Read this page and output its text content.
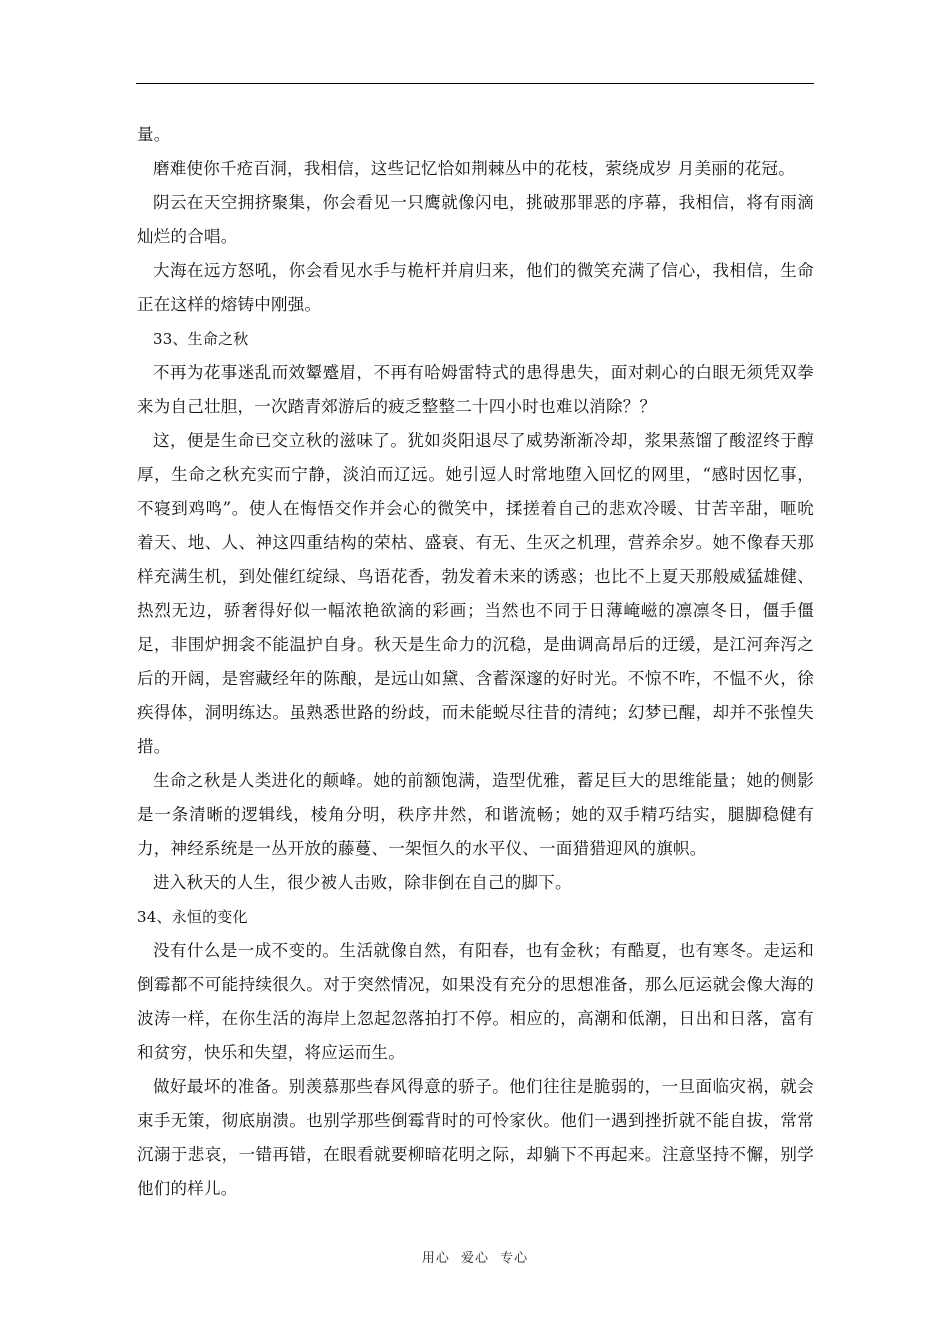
量。

磨难使你千疮百洞，我相信，这些记忆恰如荆棘丛中的花枝，萦绕成岁 月美丽的花冠。

阴云在天空拥挤聚集，你会看见一只鹰就像闪电，挑破那罪恶的序幕，我相信，将有雨滴灿烂的合唱。

大海在远方怒吼，你会看见水手与桅杆并肩归来，他们的微笑充满了信心，我相信，生命正在这样的熔铸中刚强。

33、生命之秋

不再为花事迷乱而效颦蹙眉，不再有哈姆雷特式的患得患失，面对刺心的白眼无须凭双拳来为自己壮胆，一次踏青郊游后的疲乏整整二十四小时也难以消除？？

这，便是生命已交立秋的滋味了。犹如炎阳退尽了威势渐渐冷却，浆果蒸馏了酸涩终于醇厚，生命之秋充实而宁静，淡泊而辽远。她引逗人时常地堕入回忆的网里，“感时因忆事，不寝到鸡鸣”。使人在悔悟交作并会心的微笑中，揉搓着自己的悲欢冷暖、甘苦辛甜，咂吮着天、地、人、神这四重结构的荣枯、盛衰、有无、生灭之机理，营养余岁。她不像春天那样充满生机，到处催红绽绿、鸟语花香，勃发着未来的诱惑；也比不上夏天那般威猛雄健、热烈无边，骄奢得好似一幅浓艳欲滴的彩画；当然也不同于日薄崦嵫的凛凛冬日，僵手僵足，非围炉拥衾不能温护自身。秋天是生命力的沉稳，是曲调高昂后的迂缓，是江河奔泻之后的开阔，是窖藏经年的陈酿，是远山如黛、含蓄深邃的好时光。不惊不咋，不愠不火，徐疾得体，洞明练达。虽熟悉世路的纷歧，而未能蜕尽往昔的清纯；幻梦已醒，却并不张惶失措。

生命之秋是人类进化的颠峰。她的前额饱满，造型优雅，蓄足巨大的思维能量；她的侧影是一条清晰的逻辑线，棱角分明，秩序井然，和谐流畅；她的双手精巧结实，腿脚稳健有力，神经系统是一丛开放的藤蔓、一架恒久的水平仪、一面猎猎迎风的旗帜。

进入秋天的人生，很少被人击败，除非倒在自己的脚下。

34、永恒的变化

没有什么是一成不变的。生活就像自然，有阳春，也有金秋；有酷夏，也有寒冬。走运和倒霉都不可能持续很久。对于突然情况，如果没有充分的思想准备，那么厄运就会像大海的波涛一样，在你生活的海岸上忽起忽落拍打不停。相应的，高潮和低潮，日出和日落，富有和贫穷，快乐和失望，将应运而生。

做好最坏的准备。别羡慕那些春风得意的骄子。他们往往是脆弱的，一旦面临灾祸，就会束手无策，彻底崩溃。也别学那些倒霉背时的可怜家伙。他们一遇到挫折就不能自拔，常常沉溺于悲哀，一错再错，在眼看就要柳暗花明之际，却躺下不再起来。注意坚持不懈，别学他们的样儿。

用心 爱心 专心
